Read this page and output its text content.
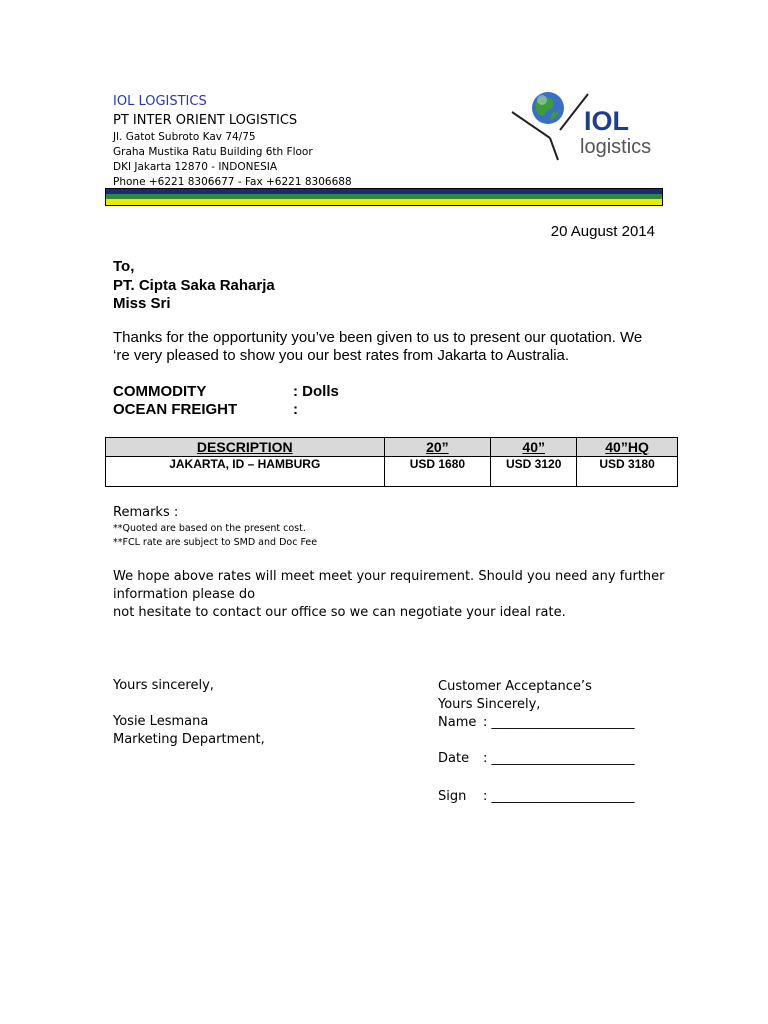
IOL LOGISTICS
PT INTER ORIENT LOGISTICS
Jl. Gatot Subroto Kav 74/75
Graha Mustika Ratu Building 6th Floor
DKI Jakarta 12870 - INDONESIA
Phone +6221 8306677 - Fax +6221 8306688
IOL
logistics
20 August 2014
To,
PT. Cipta Saka Raharja
Miss Sri
Thanks for the opportunity you’ve been given to us to present our quotation. We
‘re very pleased to show you our best rates from Jakarta to Australia.
COMMODITY	: Dolls
OCEAN FREIGHT	:
DESCRIPTION	20”	40”	40”HQ
JAKARTA, ID – HAMBURG	USD 1680	USD 3120	USD 3180
Remarks :
**Quoted are based on the present cost.
**FCL rate are subject to SMD and Doc Fee
We hope above rates will meet meet your requirement. Should you need any further
information please do
not hesitate to contact our office so we can negotiate your ideal rate.
Yours sincerely,
Yosie Lesmana
Marketing Department,
Customer Acceptance’s
Yours Sincerely,
Name : ______________________
Date : ______________________
Sign : ______________________
